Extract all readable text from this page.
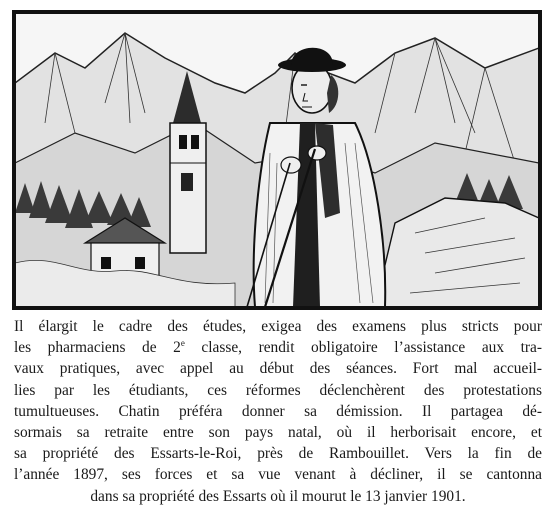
Il élargit le cadre des études, exigea des examens plus stricts pour
les pharmaciens de 2e classe, rendit obligatoire l’assistance aux tra-
vaux pratiques, avec appel au début des séances. Fort mal accueil-
lies par les étudiants, ces réformes déclenchèrent des protestations
tumultueuses. Chatin préféra donner sa démission. Il partagea dé-
sormais sa retraite entre son pays natal, où il herborisait encore, et
sa propriété des Essarts-le-Roi, près de Rambouillet. Vers la fin de
l’année 1897, ses forces et sa vue venant à décliner, il se cantonna
dans sa propriété des Essarts où il mourut le 13 janvier 1901.
